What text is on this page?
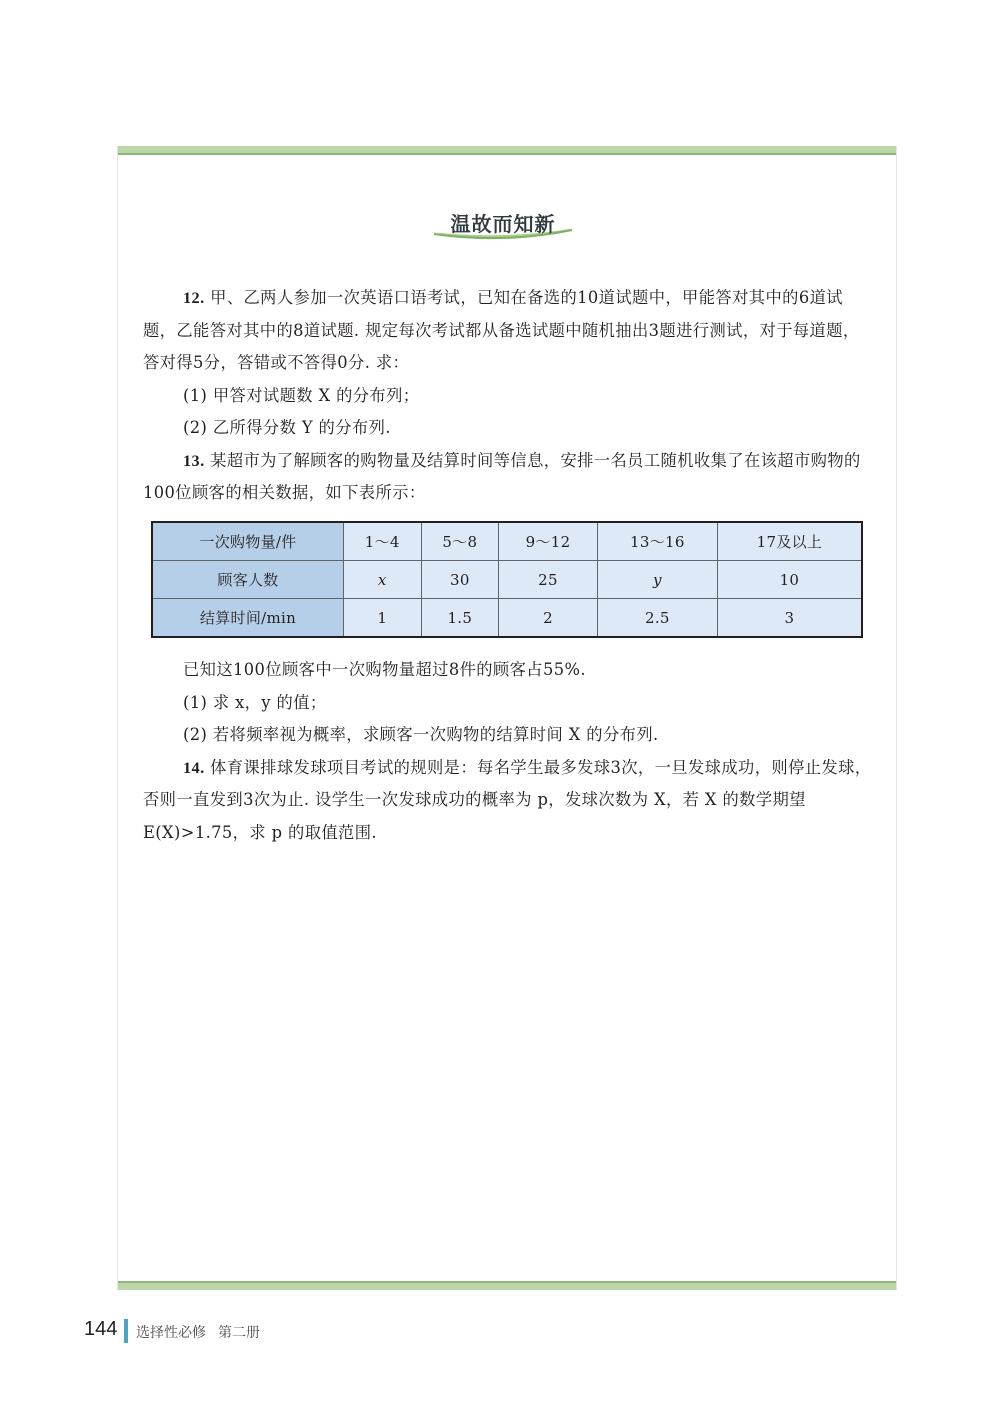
温故而知新

12. 甲、乙两人参加一次英语口语考试，已知在备选的10道试题中，甲能答对其中的6道试题，乙能答对其中的8道试题. 规定每次考试都从备选试题中随机抽出3题进行测试，对于每道题，答对得5分，答错或不答得0分. 求：

(1) 甲答对试题数 X 的分布列；

(2) 乙所得分数 Y 的分布列.

13. 某超市为了解顾客的购物量及结算时间等信息，安排一名员工随机收集了在该超市购物的100位顾客的相关数据，如下表所示：

一次购物量/件	1～4	5～8	9～12	13～16	17及以上
顾客人数	x	30	25	y	10
结算时间/min	1	1.5	2	2.5	3

已知这100位顾客中一次购物量超过8件的顾客占55%.

(1) 求 x，y 的值；

(2) 若将频率视为概率，求顾客一次购物的结算时间 X 的分布列.

14. 体育课排球发球项目考试的规则是：每名学生最多发球3次，一旦发球成功，则停止发球，否则一直发到3次为止. 设学生一次发球成功的概率为 p，发球次数为 X，若 X 的数学期望 E(X)>1.75，求 p 的取值范围.

144 选择性必修 第二册
